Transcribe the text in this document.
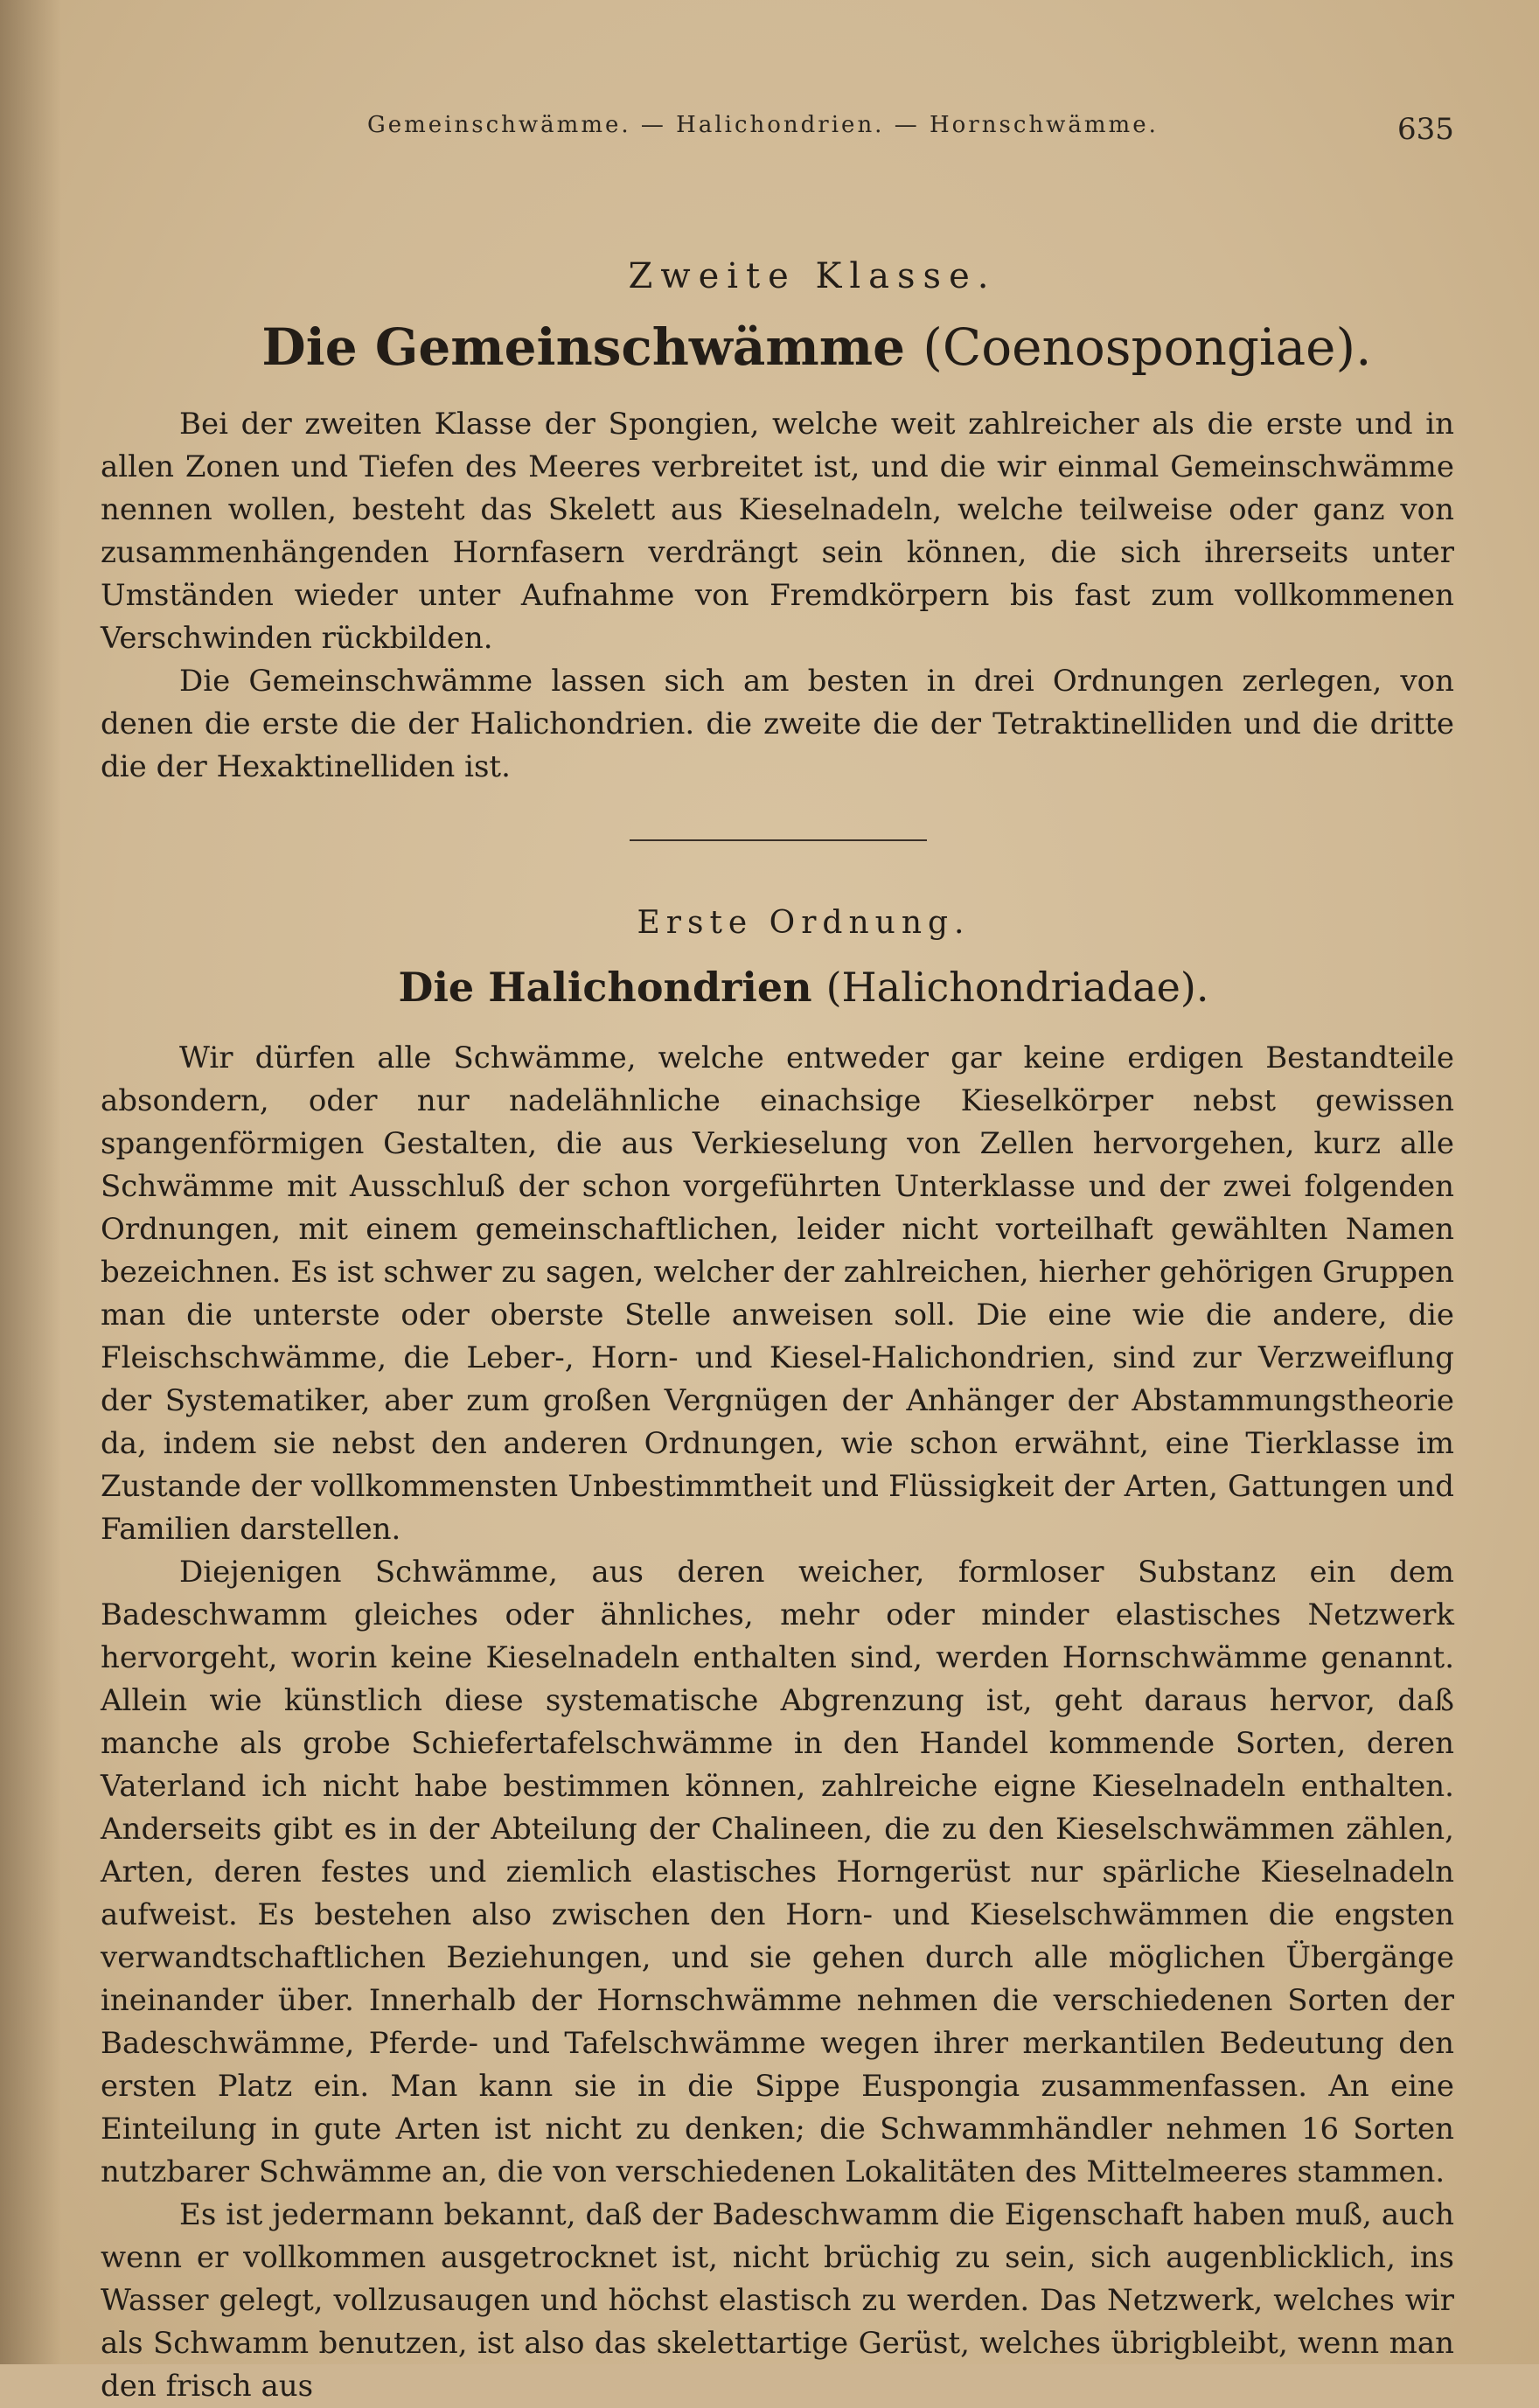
Gemeinschwämme. — Halichondrien. — Hornschwämme.	635
Zweite Klasse.
Die Gemeinschwämme (Coenospongiae).

Bei der zweiten Klasse der Spongien, welche weit zahlreicher als die erste und in allen Zonen und Tiefen des Meeres verbreitet ist, und die wir einmal Gemeinschwämme nennen wollen, besteht das Skelett aus Kieselnadeln, welche teilweise oder ganz von zusammenhängenden Hornfasern verdrängt sein können, die sich ihrerseits unter Umständen wieder unter Aufnahme von Fremdkörpern bis fast zum vollkommenen Verschwinden rückbilden.

Die Gemeinschwämme lassen sich am besten in drei Ordnungen zerlegen, von denen die erste die der Halichondrien. die zweite die der Tetraktinelliden und die dritte die der Hexaktinelliden ist.

Erste Ordnung.
Die Halichondrien (Halichondriadae).

Wir dürfen alle Schwämme, welche entweder gar keine erdigen Bestandteile absondern, oder nur nadelähnliche einachsige Kieselkörper nebst gewissen spangenförmigen Gestalten, die aus Verkieselung von Zellen hervorgehen, kurz alle Schwämme mit Ausschluß der schon vorgeführten Unterklasse und der zwei folgenden Ordnungen, mit einem gemeinschaftlichen, leider nicht vorteilhaft gewählten Namen bezeichnen. Es ist schwer zu sagen, welcher der zahlreichen, hierher gehörigen Gruppen man die unterste oder oberste Stelle anweisen soll. Die eine wie die andere, die Fleischschwämme, die Leber-, Horn- und Kiesel-Halichondrien, sind zur Verzweiflung der Systematiker, aber zum großen Vergnügen der Anhänger der Abstammungstheorie da, indem sie nebst den anderen Ordnungen, wie schon erwähnt, eine Tierklasse im Zustande der vollkommensten Unbestimmtheit und Flüssigkeit der Arten, Gattungen und Familien darstellen.

Diejenigen Schwämme, aus deren weicher, formloser Substanz ein dem Badeschwamm gleiches oder ähnliches, mehr oder minder elastisches Netzwerk hervorgeht, worin keine Kieselnadeln enthalten sind, werden Hornschwämme genannt. Allein wie künstlich diese systematische Abgrenzung ist, geht daraus hervor, daß manche als grobe Schiefertafelschwämme in den Handel kommende Sorten, deren Vaterland ich nicht habe bestimmen können, zahlreiche eigne Kieselnadeln enthalten. Anderseits gibt es in der Abteilung der Chalineen, die zu den Kieselschwämmen zählen, Arten, deren festes und ziemlich elastisches Horngerüst nur spärliche Kieselnadeln aufweist. Es bestehen also zwischen den Horn- und Kieselschwämmen die engsten verwandtschaftlichen Beziehungen, und sie gehen durch alle möglichen Übergänge ineinander über. Innerhalb der Hornschwämme nehmen die verschiedenen Sorten der Badeschwämme, Pferde- und Tafelschwämme wegen ihrer merkantilen Bedeutung den ersten Platz ein. Man kann sie in die Sippe Euspongia zusammenfassen. An eine Einteilung in gute Arten ist nicht zu denken; die Schwammhändler nehmen 16 Sorten nutzbarer Schwämme an, die von verschiedenen Lokalitäten des Mittelmeeres stammen.

Es ist jedermann bekannt, daß der Badeschwamm die Eigenschaft haben muß, auch wenn er vollkommen ausgetrocknet ist, nicht brüchig zu sein, sich augenblicklich, ins Wasser gelegt, vollzusaugen und höchst elastisch zu werden. Das Netzwerk, welches wir als Schwamm benutzen, ist also das skelettartige Gerüst, welches übrigbleibt, wenn man den frisch aus
